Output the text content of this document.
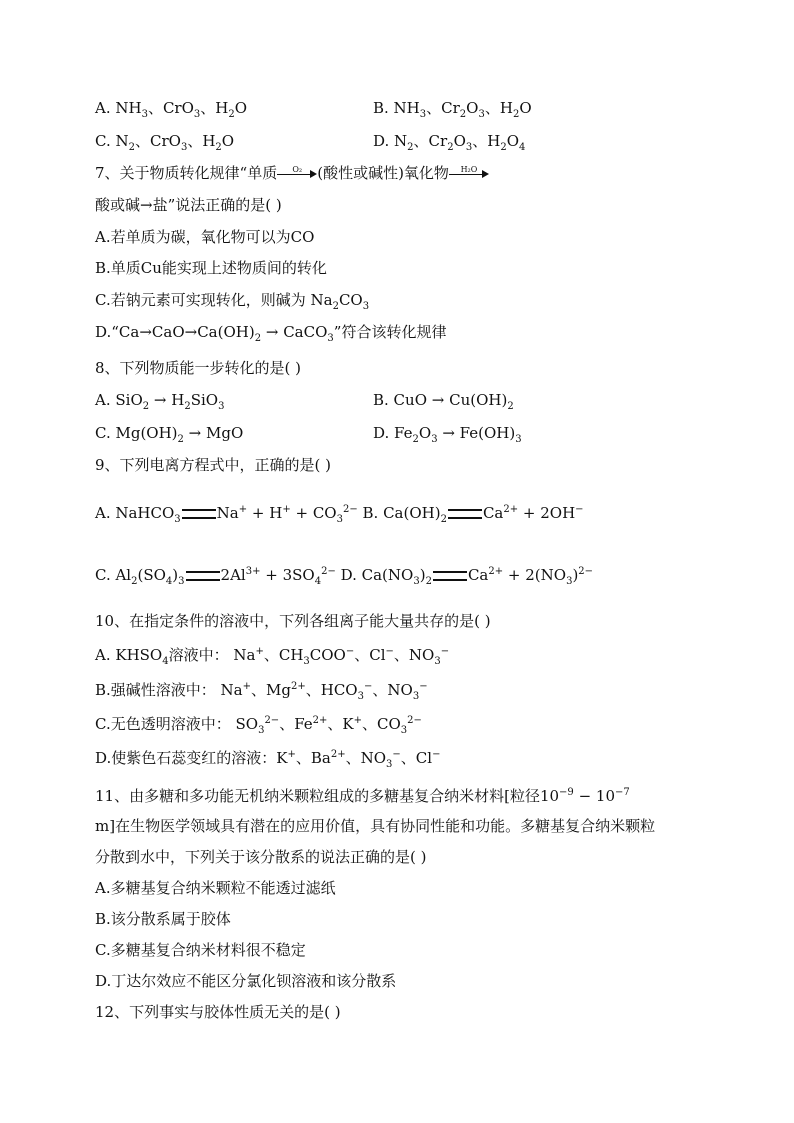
A. $NH_3$、CrO$_3$、$H_2O$	B. $NH_3$、$Cr_2O_3$、$H_2O$
C. $N_2$、CrO$_3$、$H_2O$	D. $N_2$、$Cr_2O_3$、$H_2O_4$
7、关于物质转化规律“单质	O₂	(酸性或碱性)氧化物	H₂O
酸或碱→盐”说法正确的是( )
A.若单质为碳，氧化物可以为CO
B.单质Cu能实现上述物质间的转化
C.若钠元素可实现转化，则碱为 $Na_2CO_3$
$D.“Ca\to CaO\to Ca(OH)_2$ → CaCO$_3$”符合该转化规律
8、下列物质能一步转化的是( )
A. $SiO_2 \to H_2SiO_3$	B. CuO → $Cu(OH)_2$
C. $Mg(OH)_2$ → MgO	D. $Fe_2O_3 \to Fe(OH)_3$
9、下列电离方程式中，正确的是( )
A. NaHCO$_3$ $Na^+ + H^+ + CO_3^{2-}$ B. $Ca(OH)_2$ $Ca^{2+} + 2OH^-$
C. $Al_2(SO_4)_3$ $2Al^{3+} + 3SO_4^{2-}$ D. $Ca(NO_3)_2$ $Ca^{2+} + 2(NO_3)^{2-}$
10、在指定条件的溶液中，下列各组离子能大量共存的是( )
A. $KHSO_4$溶液中： Na+、$CH_3COO^-$、Cl−、$NO_3^-$
B.强碱性溶液中： Na+、$Mg^{2+}$、$HCO_3^-$、$NO_3^-$
C.无色透明溶液中： $SO_3^{2-}$、$Fe^{2+}$、K+、$CO_3^{2-}$
D.使紫色石蕊变红的溶液：K+、$Ba^{2+}$、$NO_3^-$、Cl−
11、由多糖和多功能无机纳米颗粒组成的多糖基复合纳米材料[粒径$10^{-9} - 10^{-7}$
m]在生物医学领域具有潜在的应用价值，具有协同性能和功能。多糖基复合纳米颗粒
分散到水中，下列关于该分散系的说法正确的是( )
A.多糖基复合纳米颗粒不能透过滤纸
B.该分散系属于胶体
C.多糖基复合纳米材料很不稳定
D.丁达尔效应不能区分氯化钡溶液和该分散系
12、下列事实与胶体性质无关的是( )
